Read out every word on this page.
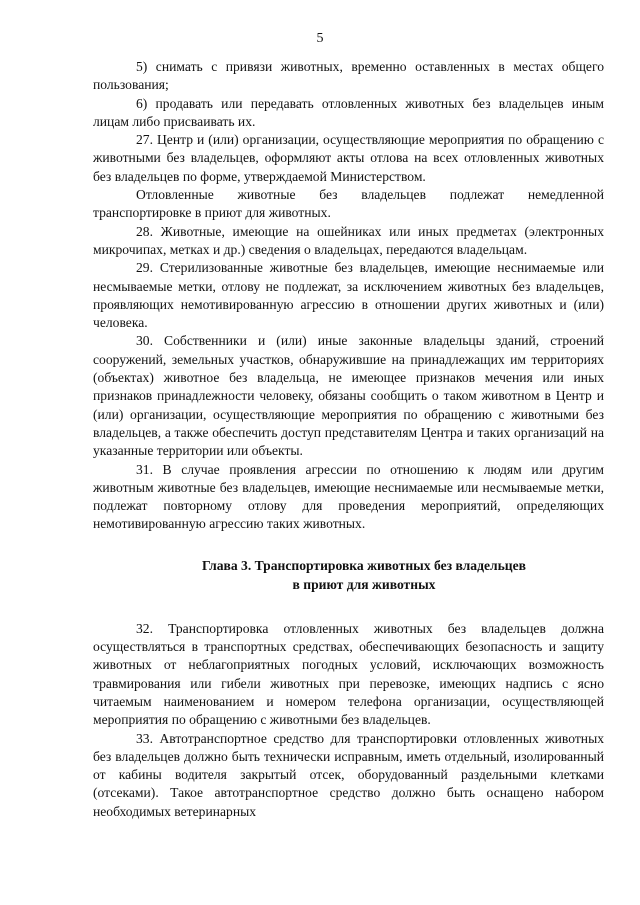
5

5) снимать с привязи животных, временно оставленных в местах общего пользования;

6) продавать или передавать отловленных животных без владельцев иным лицам либо присваивать их.

27. Центр и (или) организации, осуществляющие мероприятия по обращению с животными без владельцев, оформляют акты отлова на всех отловленных животных без владельцев по форме, утверждаемой Министерством.

Отловленные животные без владельцев подлежат немедленной транспортировке в приют для животных.

28. Животные, имеющие на ошейниках или иных предметах (электронных микрочипах, метках и др.) сведения о владельцах, передаются владельцам.

29. Стерилизованные животные без владельцев, имеющие неснимаемые или несмываемые метки, отлову не подлежат, за исключением животных без владельцев, проявляющих немотивированную агрессию в отношении других животных и (или) человека.

30. Собственники и (или) иные законные владельцы зданий, строений сооружений, земельных участков, обнаружившие на принадлежащих им территориях (объектах) животное без владельца, не имеющее признаков мечения или иных признаков принадлежности человеку, обязаны сообщить о таком животном в Центр и (или) организации, осуществляющие мероприятия по обращению с животными без владельцев, а также обеспечить доступ представителям Центра и таких организаций на указанные территории или объекты.

31. В случае проявления агрессии по отношению к людям или другим животным животные без владельцев, имеющие неснимаемые или несмываемые метки, подлежат повторному отлову для проведения мероприятий, определяющих немотивированную агрессию таких животных.

Глава 3. Транспортировка животных без владельцев
в приют для животных

32. Транспортировка отловленных животных без владельцев должна осуществляться в транспортных средствах, обеспечивающих безопасность и защиту животных от неблагоприятных погодных условий, исключающих возможность травмирования или гибели животных при перевозке, имеющих надпись с ясно читаемым наименованием и номером телефона организации, осуществляющей мероприятия по обращению с животными без владельцев.

33. Автотранспортное средство для транспортировки отловленных животных без владельцев должно быть технически исправным, иметь отдельный, изолированный от кабины водителя закрытый отсек, оборудованный раздельными клетками (отсеками). Такое автотранспортное средство должно быть оснащено набором необходимых ветеринарных
